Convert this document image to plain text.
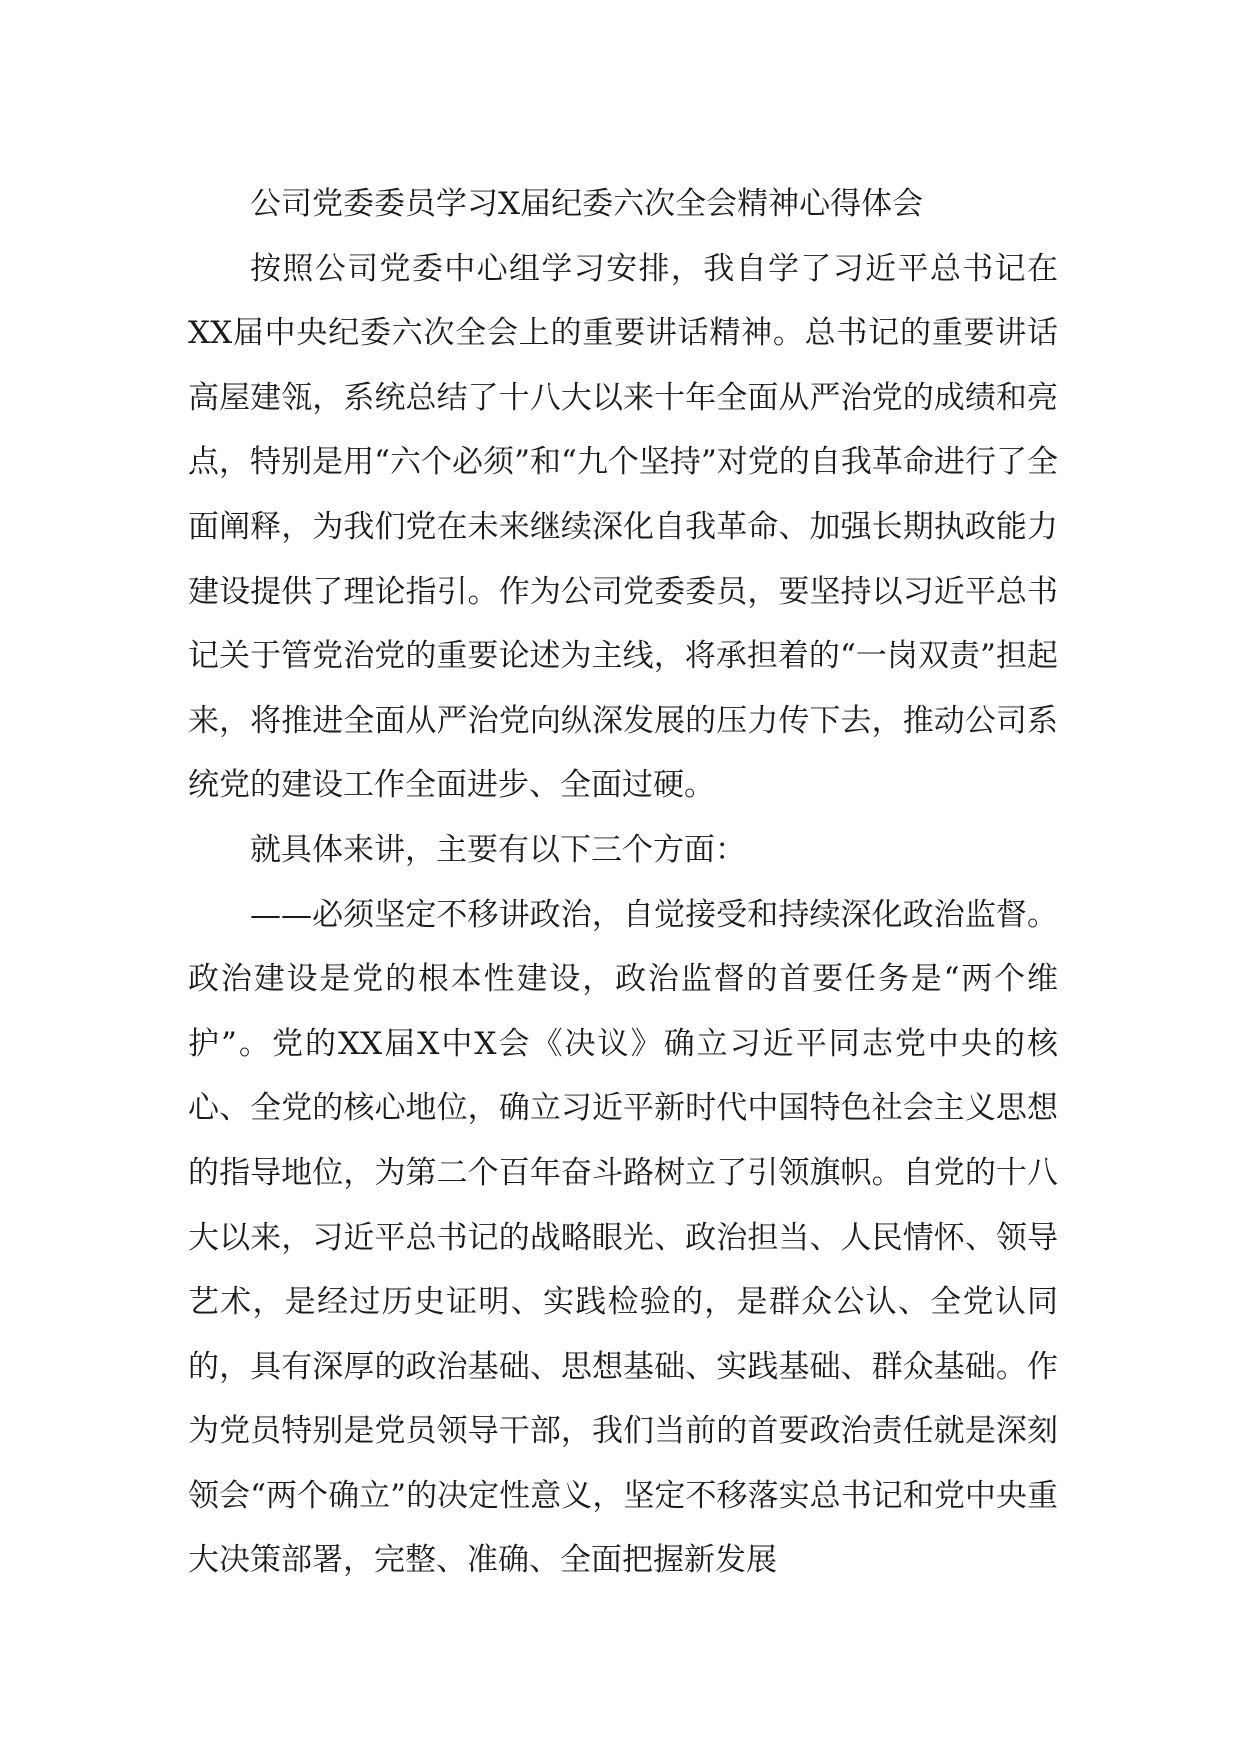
公司党委委员学习X届纪委六次全会精神心得体会

按照公司党委中心组学习安排，我自学了习近平总书记在XX届中央纪委六次全会上的重要讲话精神。总书记的重要讲话高屋建瓴，系统总结了十八大以来十年全面从严治党的成绩和亮点，特别是用“六个必须”和“九个坚持”对党的自我革命进行了全面阐释，为我们党在未来继续深化自我革命、加强长期执政能力建设提供了理论指引。作为公司党委委员，要坚持以习近平总书记关于管党治党的重要论述为主线，将承担着的“一岗双责”担起来，将推进全面从严治党向纵深发展的压力传下去，推动公司系统党的建设工作全面进步、全面过硬。

就具体来讲，主要有以下三个方面：

——必须坚定不移讲政治，自觉接受和持续深化政治监督。政治建设是党的根本性建设，政治监督的首要任务是“两个维护”。党的XX届X中X会《决议》确立习近平同志党中央的核心、全党的核心地位，确立习近平新时代中国特色社会主义思想的指导地位，为第二个百年奋斗路树立了引领旗帜。自党的十八大以来，习近平总书记的战略眼光、政治担当、人民情怀、领导艺术，是经过历史证明、实践检验的，是群众公认、全党认同的，具有深厚的政治基础、思想基础、实践基础、群众基础。作为党员特别是党员领导干部，我们当前的首要政治责任就是深刻领会“两个确立”的决定性意义，坚定不移落实总书记和党中央重大决策部署，完整、准确、全面把握新发展
